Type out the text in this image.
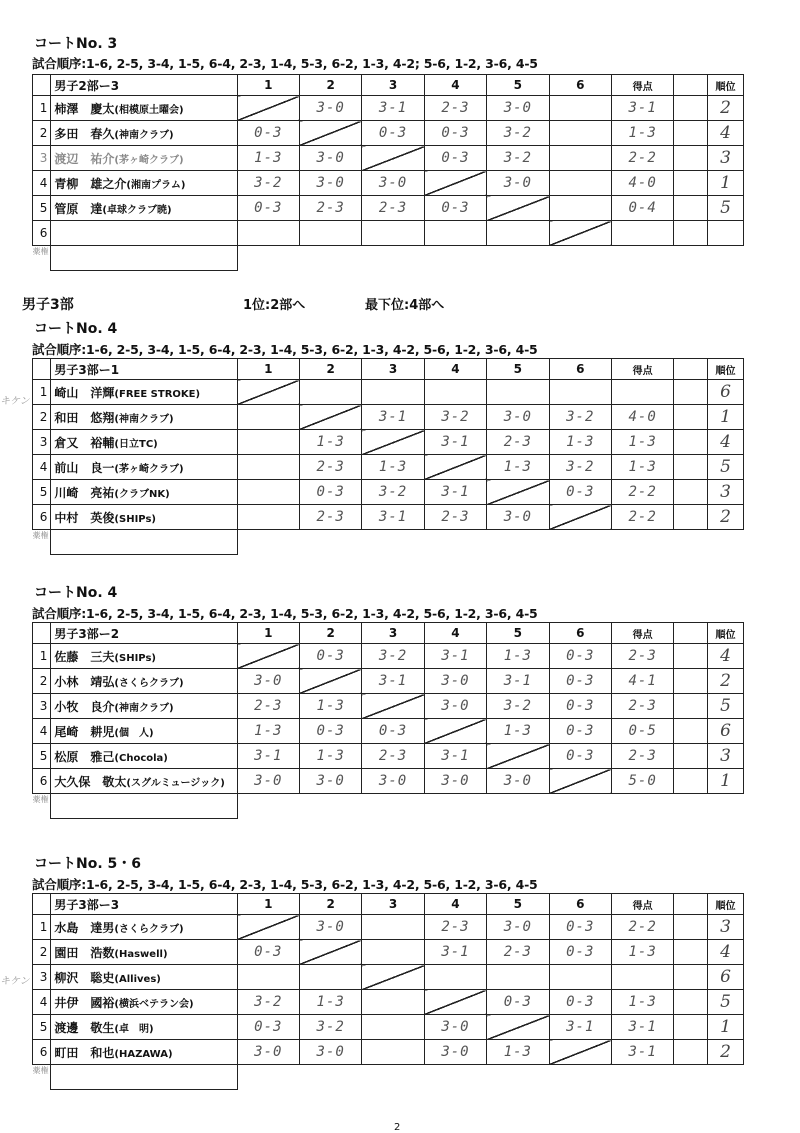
コートNo. 3
試合順序:1-6, 2-5, 3-4, 1-5, 6-4, 2-3, 1-4, 5-3, 6-2, 1-3, 4-2; 5-6, 1-2, 3-6, 4-5
	男子2部ー3	1	2	3	4	5	6	得点		順位
1	柿澤　慶太(相模原土曜会)		3-0	3-1	2-3	3-0		3-1		2
2	多田　春久(神南クラブ)	0-3		0-3	0-3	3-2		1-3		4
3	渡辺　祐介(茅ヶ崎クラブ)	1-3	3-0		0-3	3-2		2-2		3
4	青柳　雄之介(湘南プラム)	3-2	3-0	3-0		3-0		4-0		1
5	管原　達(卓球クラブ暁)	0-3	2-3	2-3	0-3			0-4		5
6										
薬権										
男子3部	1位:2部へ	最下位:4部へ
コートNo. 4
試合順序:1-6, 2-5, 3-4, 1-5, 6-4, 2-3, 1-4, 5-3, 6-2, 1-3, 4-2, 5-6, 1-2, 3-6, 4-5
キケン
	男子3部ー1	1	2	3	4	5	6	得点		順位
1	崎山　洋輝(FREE STROKE)									6
2	和田　悠翔(神南クラブ)			3-1	3-2	3-0	3-2	4-0		1
3	倉又　裕輔(日立TC)		1-3		3-1	2-3	1-3	1-3		4
4	前山　良一(茅ヶ崎クラブ)		2-3	1-3		1-3	3-2	1-3		5
5	川崎　亮祐(クラブNK)		0-3	3-2	3-1		0-3	2-2		3
6	中村　英俊(SHIPs)		2-3	3-1	2-3	3-0		2-2		2
薬権										
コートNo. 4
試合順序:1-6, 2-5, 3-4, 1-5, 6-4, 2-3, 1-4, 5-3, 6-2, 1-3, 4-2, 5-6, 1-2, 3-6, 4-5
	男子3部ー2	1	2	3	4	5	6	得点		順位
1	佐藤　三夫(SHIPs)		0-3	3-2	3-1	1-3	0-3	2-3		4
2	小林　靖弘(さくらクラブ)	3-0		3-1	3-0	3-1	0-3	4-1		2
3	小牧　良介(神南クラブ)	2-3	1-3		3-0	3-2	0-3	2-3		5
4	尾崎　耕児(個　人)	1-3	0-3	0-3		1-3	0-3	0-5		6
5	松原　雅己(Chocola)	3-1	1-3	2-3	3-1		0-3	2-3		3
6	大久保　敬太(スグルミュージック)	3-0	3-0	3-0	3-0	3-0		5-0		1
薬権										
コートNo. 5・6
試合順序:1-6, 2-5, 3-4, 1-5, 6-4, 2-3, 1-4, 5-3, 6-2, 1-3, 4-2, 5-6, 1-2, 3-6, 4-5
キケン
	男子3部ー3	1	2	3	4	5	6	得点		順位
1	水島　達男(さくらクラブ)		3-0		2-3	3-0	0-3	2-2		3
2	園田　浩数(Haswell)	0-3			3-1	2-3	0-3	1-3		4
3	柳沢　聡史(Allives)									6
4	井伊　國裕(横浜ベテラン会)	3-2	1-3			0-3	0-3	1-3		5
5	渡邊　敬生(卓　明)	0-3	3-2		3-0		3-1	3-1		1
6	町田　和也(HAZAWA)	3-0	3-0		3-0	1-3		3-1		2
薬権										
2
